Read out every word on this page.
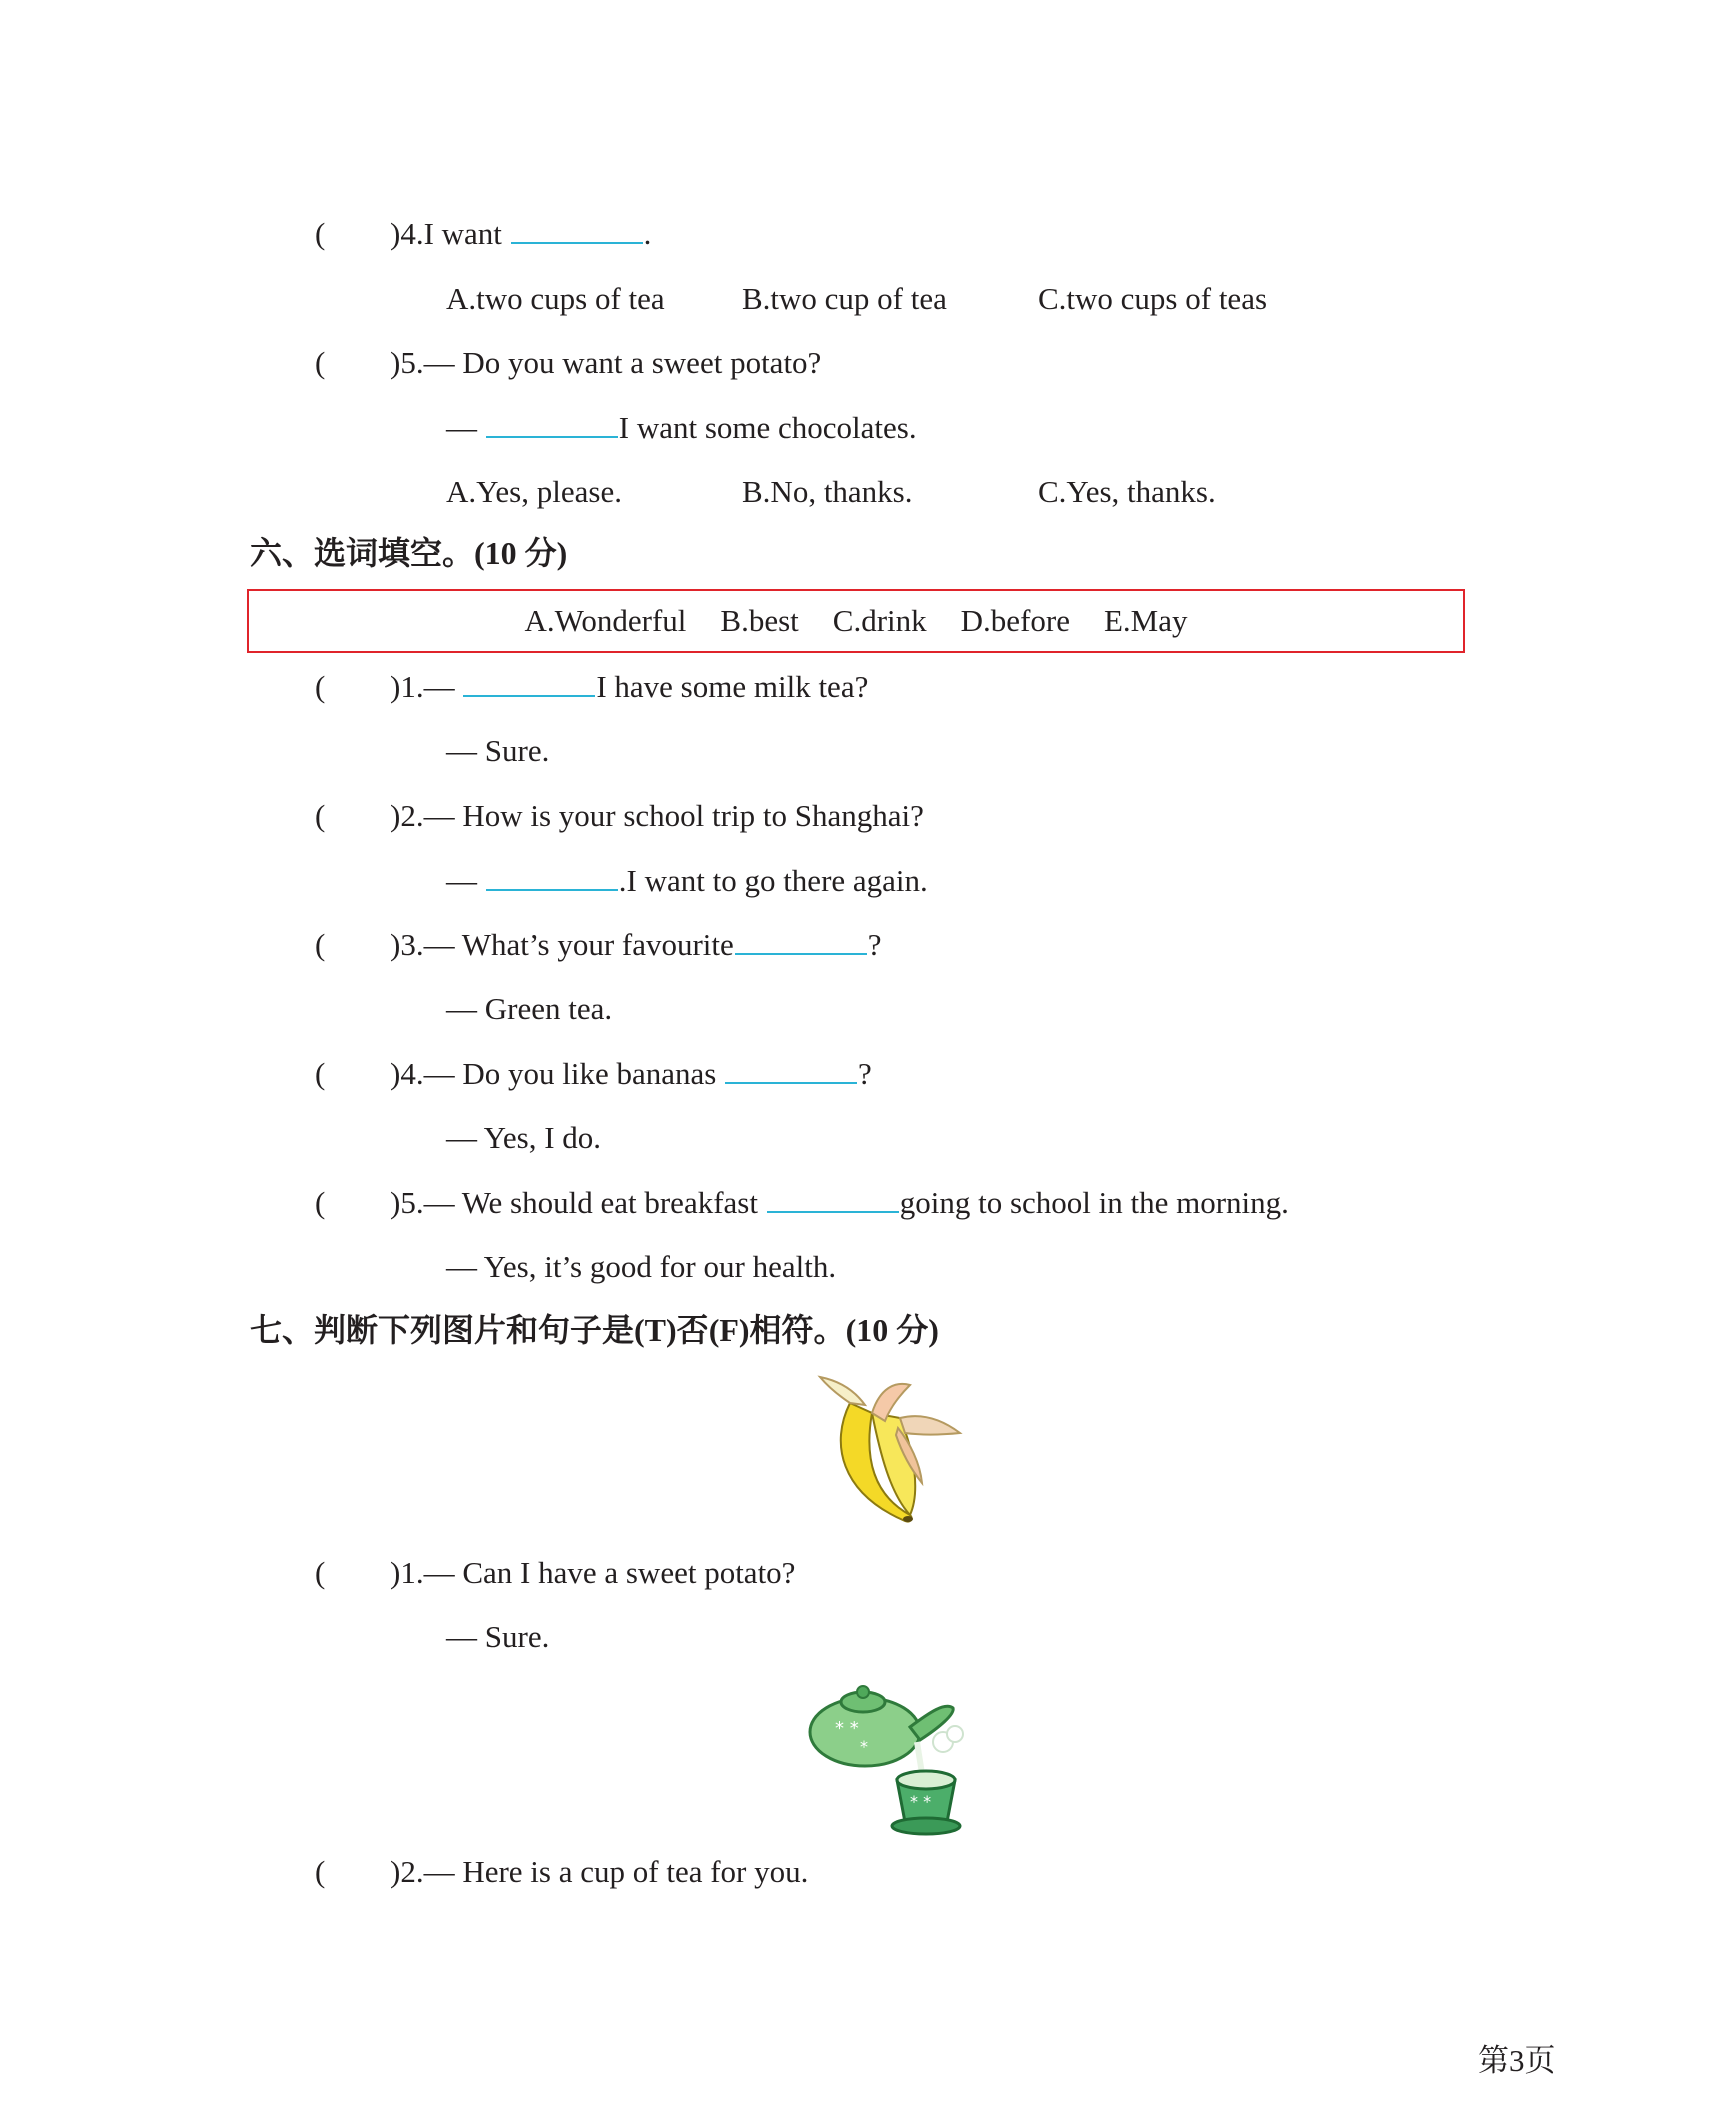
( )4.I want	.
A.two cups of tea B.two cup of tea	C.two cups of teas
( )5.— Do you want a sweet potato?
—	I want some chocolates.
A.Yes, please.	B.No, thanks.	C.Yes, thanks.
六、选词填空。(10 分)
A.Wonderful B.best C.drink D.before E.May
( )1.—	I have some milk tea?
— Sure.
( )2.— How is your school trip to Shanghai?
—	.I want to go there again.
( )3.— What’s your favourite	?
— Green tea.
( )4.— Do you like bananas	?
— Yes, I do.
( )5.— We should eat breakfast	going to school in the morning.
— Yes, it’s good for our health.
七、判断下列图片和句子是(T)否(F)相符。(10 分)
( )1.— Can I have a sweet potato?
— Sure.
* *
*
* *
( )2.— Here is a cup of tea for you.
第3页
